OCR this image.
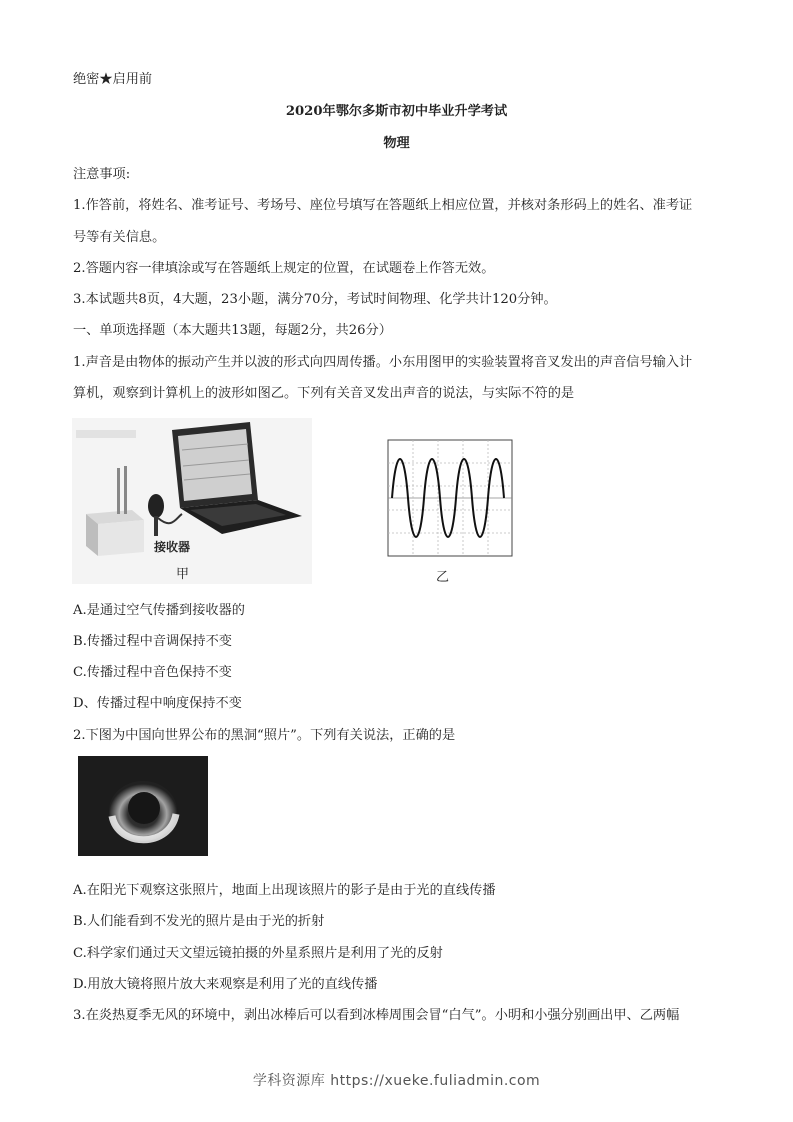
绝密★启用前
2020年鄂尔多斯市初中毕业升学考试
物理
注意事项:
1.作答前，将姓名、准考证号、考场号、座位号填写在答题纸上相应位置，并核对条形码上的姓名、准考证
号等有关信息。
2.答题内容一律填涂或写在答题纸上规定的位置，在试题卷上作答无效。
3.本试题共8页，4大题，23小题，满分70分，考试时间物理、化学共计120分钟。
一、单项选择题（本大题共13题，每题2分，共26分）
1.声音是由物体的振动产生并以波的形式向四周传播。小东用图甲的实验装置将音叉发出的声音信号输入计
算机，观察到计算机上的波形如图乙。下列有关音叉发出声音的说法，与实际不符的是
接收器
甲	乙
A.是通过空气传播到接收器的
B.传播过程中音调保持不变
C.传播过程中音色保持不变
D、传播过程中响度保持不变
2.下图为中国向世界公布的黑洞“照片”。下列有关说法，正确的是
A.在阳光下观察这张照片，地面上出现该照片的影子是由于光的直线传播
B.人们能看到不发光的照片是由于光的折射
C.科学家们通过天文望远镜拍摄的外星系照片是利用了光的反射
D.用放大镜将照片放大来观察是利用了光的直线传播
3.在炎热夏季无风的环境中，剥出冰棒后可以看到冰棒周围会冒“白气”。小明和小强分别画出甲、乙两幅
学科资源库 https://xueke.fuliadmin.com
